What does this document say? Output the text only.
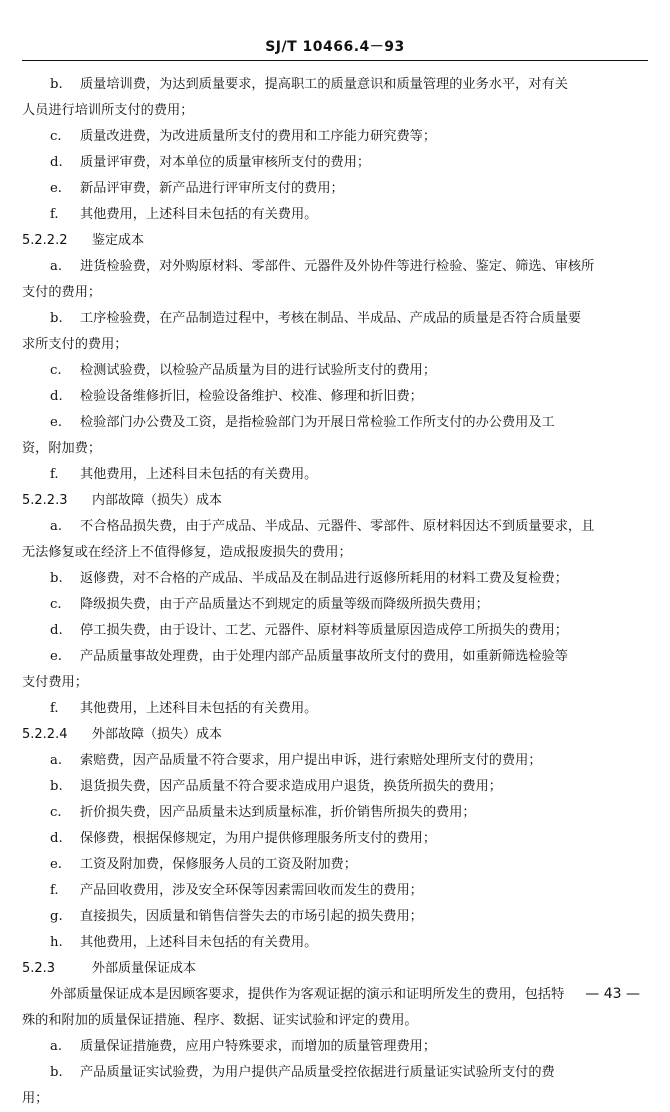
SJ/T 10466.4－93
b. 质量培训费，为达到质量要求，提高职工的质量意识和质量管理的业务水平，对有关
人员进行培训所支付的费用；
c. 质量改进费，为改进质量所支付的费用和工序能力研究费等；
d. 质量评审费，对本单位的质量审核所支付的费用；
e. 新品评审费，新产品进行评审所支付的费用；
f. 其他费用，上述科目未包括的有关费用。
5.2.2.2 鉴定成本
a. 进货检验费，对外购原材料、零部件、元器件及外协件等进行检验、鉴定、筛选、审核所
支付的费用；
b. 工序检验费，在产品制造过程中，考核在制品、半成品、产成品的质量是否符合质量要
求所支付的费用；
c. 检测试验费，以检验产品质量为目的进行试验所支付的费用；
d. 检验设备维修折旧，检验设备维护、校准、修理和折旧费；
e. 检验部门办公费及工资，是指检验部门为开展日常检验工作所支付的办公费用及工
资，附加费；
f. 其他费用，上述科目未包括的有关费用。
5.2.2.3 内部故障（损失）成本
a. 不合格品损失费，由于产成品、半成品、元器件、零部件、原材料因达不到质量要求，且
无法修复或在经济上不值得修复，造成报废损失的费用；
b. 返修费，对不合格的产成品、半成品及在制品进行返修所耗用的材料工费及复检费；
c. 降级损失费，由于产品质量达不到规定的质量等级而降级所损失费用；
d. 停工损失费，由于设计、工艺、元器件、原材料等质量原因造成停工所损失的费用；
e. 产品质量事故处理费，由于处理内部产品质量事故所支付的费用，如重新筛选检验等
支付费用；
f. 其他费用，上述科目未包括的有关费用。
5.2.2.4 外部故障（损失）成本
a. 索赔费，因产品质量不符合要求，用户提出申诉，进行索赔处理所支付的费用；
b. 退货损失费，因产品质量不符合要求造成用户退货，换货所损失的费用；
c. 折价损失费，因产品质量未达到质量标准，折价销售所损失的费用；
d. 保修费，根据保修规定，为用户提供修理服务所支付的费用；
e. 工资及附加费，保修服务人员的工资及附加费；
f. 产品回收费用，涉及安全环保等因素需回收而发生的费用；
g. 直接损失，因质量和销售信誉失去的市场引起的损失费用；
h. 其他费用，上述科目未包括的有关费用。
5.2.3	外部质量保证成本
外部质量保证成本是因顾客要求，提供作为客观证据的演示和证明所发生的费用，包括特
殊的和附加的质量保证措施、程序、数据、证实试验和评定的费用。
a. 质量保证措施费，应用户特殊要求，而增加的质量管理费用；
b. 产品质量证实试验费，为用户提供产品质量受控依据进行质量证实试验所支付的费
用；
— 43 —
